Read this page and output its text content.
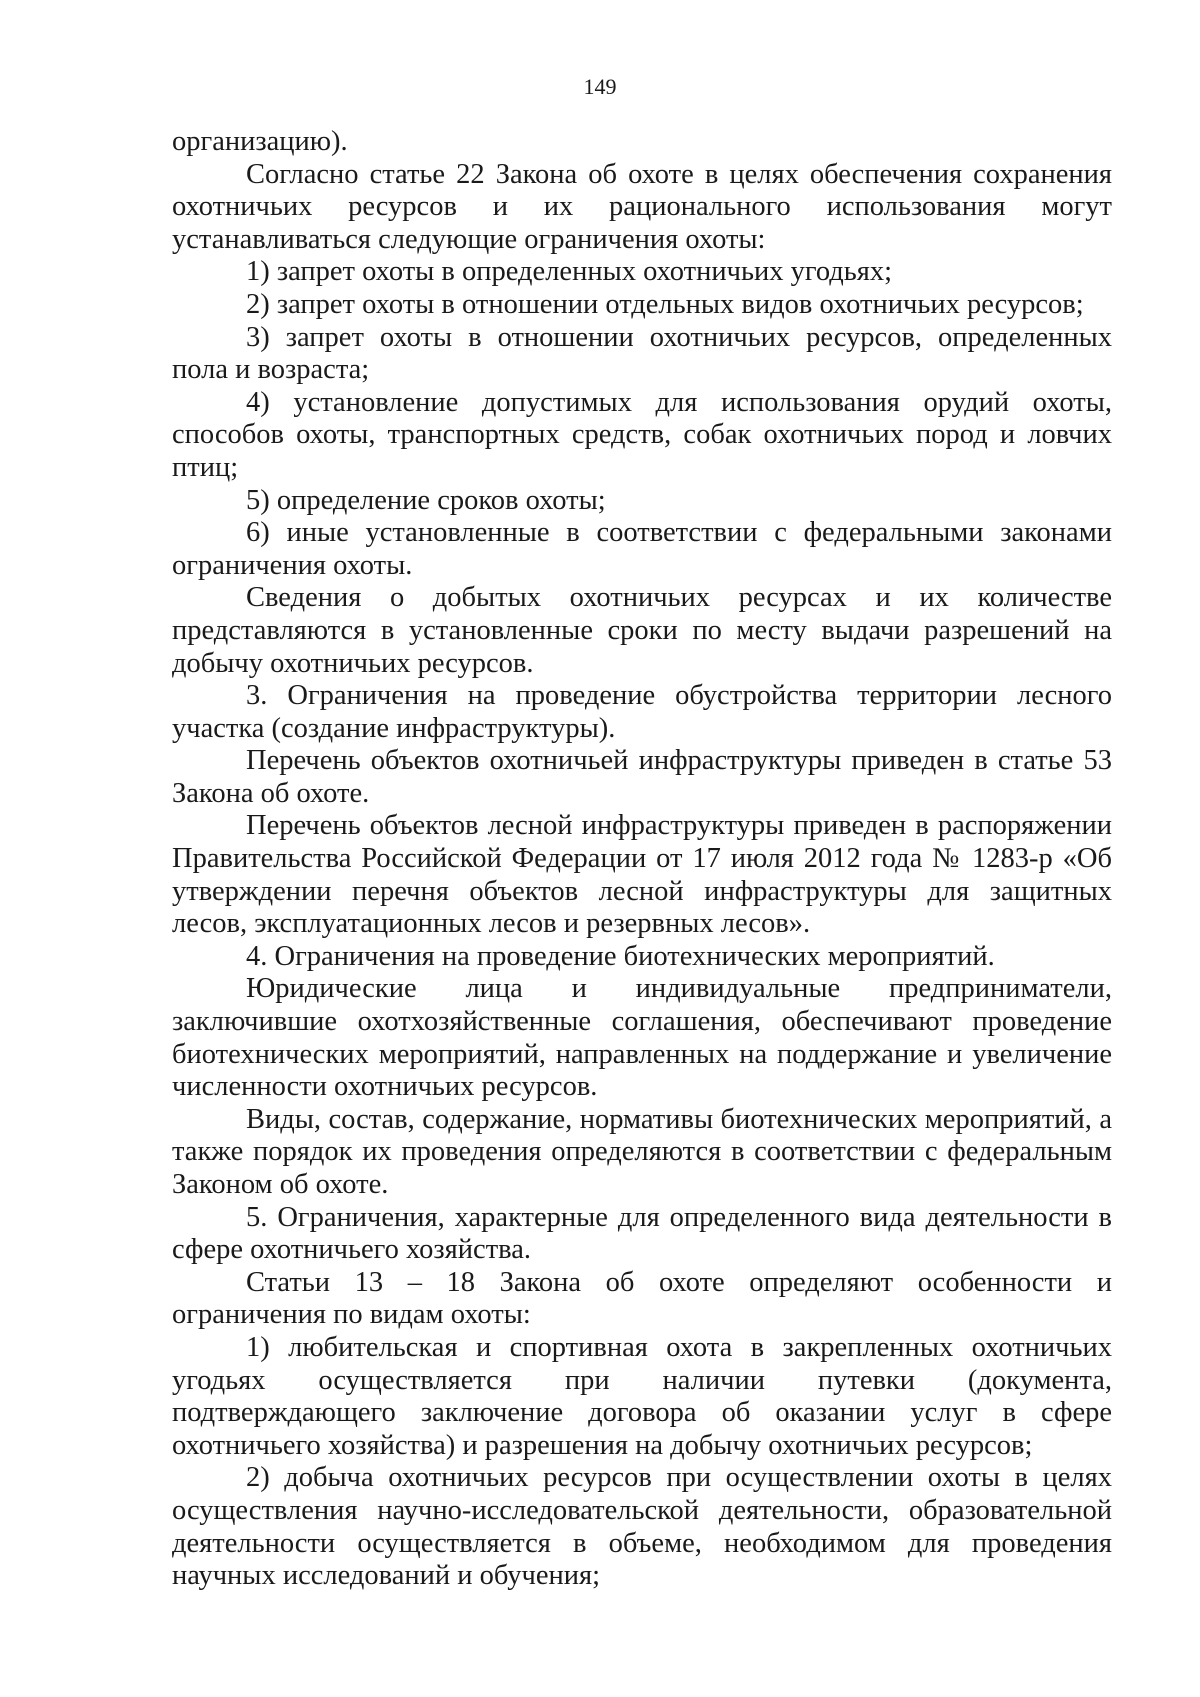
149

организацию).

Согласно статье 22 Закона об охоте в целях обеспечения сохранения охотничьих ресурсов и их рационального использования могут устанавливаться следующие ограничения охоты:

1) запрет охоты в определенных охотничьих угодьях;

2) запрет охоты в отношении отдельных видов охотничьих ресурсов;

3) запрет охоты в отношении охотничьих ресурсов, определенных пола и возраста;

4) установление допустимых для использования орудий охоты, способов охоты, транспортных средств, собак охотничьих пород и ловчих птиц;

5) определение сроков охоты;

6) иные установленные в соответствии с федеральными законами ограничения охоты.

Сведения о добытых охотничьих ресурсах и их количестве представляются в установленные сроки по месту выдачи разрешений на добычу охотничьих ресурсов.

3. Ограничения на проведение обустройства территории лесного участка (создание инфраструктуры).

Перечень объектов охотничьей инфраструктуры приведен в статье 53 Закона об охоте.

Перечень объектов лесной инфраструктуры приведен в распоряжении Правительства Российской Федерации от 17 июля 2012 года № 1283-р «Об утверждении перечня объектов лесной инфраструктуры для защитных лесов, эксплуатационных лесов и резервных лесов».

4. Ограничения на проведение биотехнических мероприятий.

Юридические лица и индивидуальные предприниматели, заключившие охотхозяйственные соглашения, обеспечивают проведение биотехнических мероприятий, направленных на поддержание и увеличение численности охотничьих ресурсов.

Виды, состав, содержание, нормативы биотехнических мероприятий, а также порядок их проведения определяются в соответствии с федеральным Законом об охоте.

5. Ограничения, характерные для определенного вида деятельности в сфере охотничьего хозяйства.

Статьи 13 – 18 Закона об охоте определяют особенности и ограничения по видам охоты:

1) любительская и спортивная охота в закрепленных охотничьих угодьях осуществляется при наличии путевки (документа, подтверждающего заключение договора об оказании услуг в сфере охотничьего хозяйства) и разрешения на добычу охотничьих ресурсов;

2) добыча охотничьих ресурсов при осуществлении охоты в целях осуществления научно-исследовательской деятельности, образовательной деятельности осуществляется в объеме, необходимом для проведения научных исследований и обучения;
